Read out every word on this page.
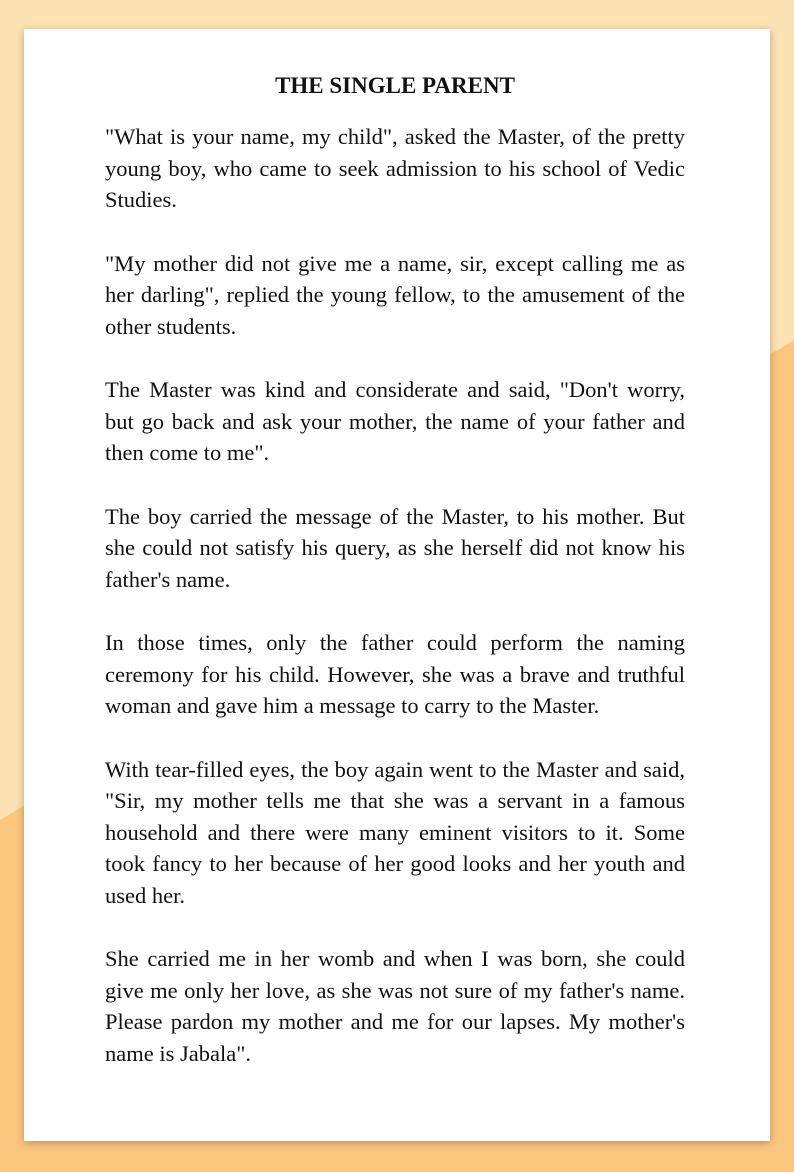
THE SINGLE PARENT

"What is your name, my child", asked the Master, of the pretty young boy, who came to seek admission to his school of Vedic Studies.

"My mother did not give me a name, sir, except calling me as her darling", replied the young fellow, to the amusement of the other students.

The Master was kind and considerate and said, "Don't worry, but go back and ask your mother, the name of your father and then come to me".

The boy carried the message of the Master, to his mother. But she could not satisfy his query, as she herself did not know his father's name.

In those times, only the father could perform the naming ceremony for his child. However, she was a brave and truthful woman and gave him a message to carry to the Master.

With tear-filled eyes, the boy again went to the Master and said, "Sir, my mother tells me that she was a servant in a famous household and there were many eminent visitors to it. Some took fancy to her because of her good looks and her youth and used her.

She carried me in her womb and when I was born, she could give me only her love, as she was not sure of my father's name. Please pardon my mother and me for our lapses. My mother's name is Jabala".
